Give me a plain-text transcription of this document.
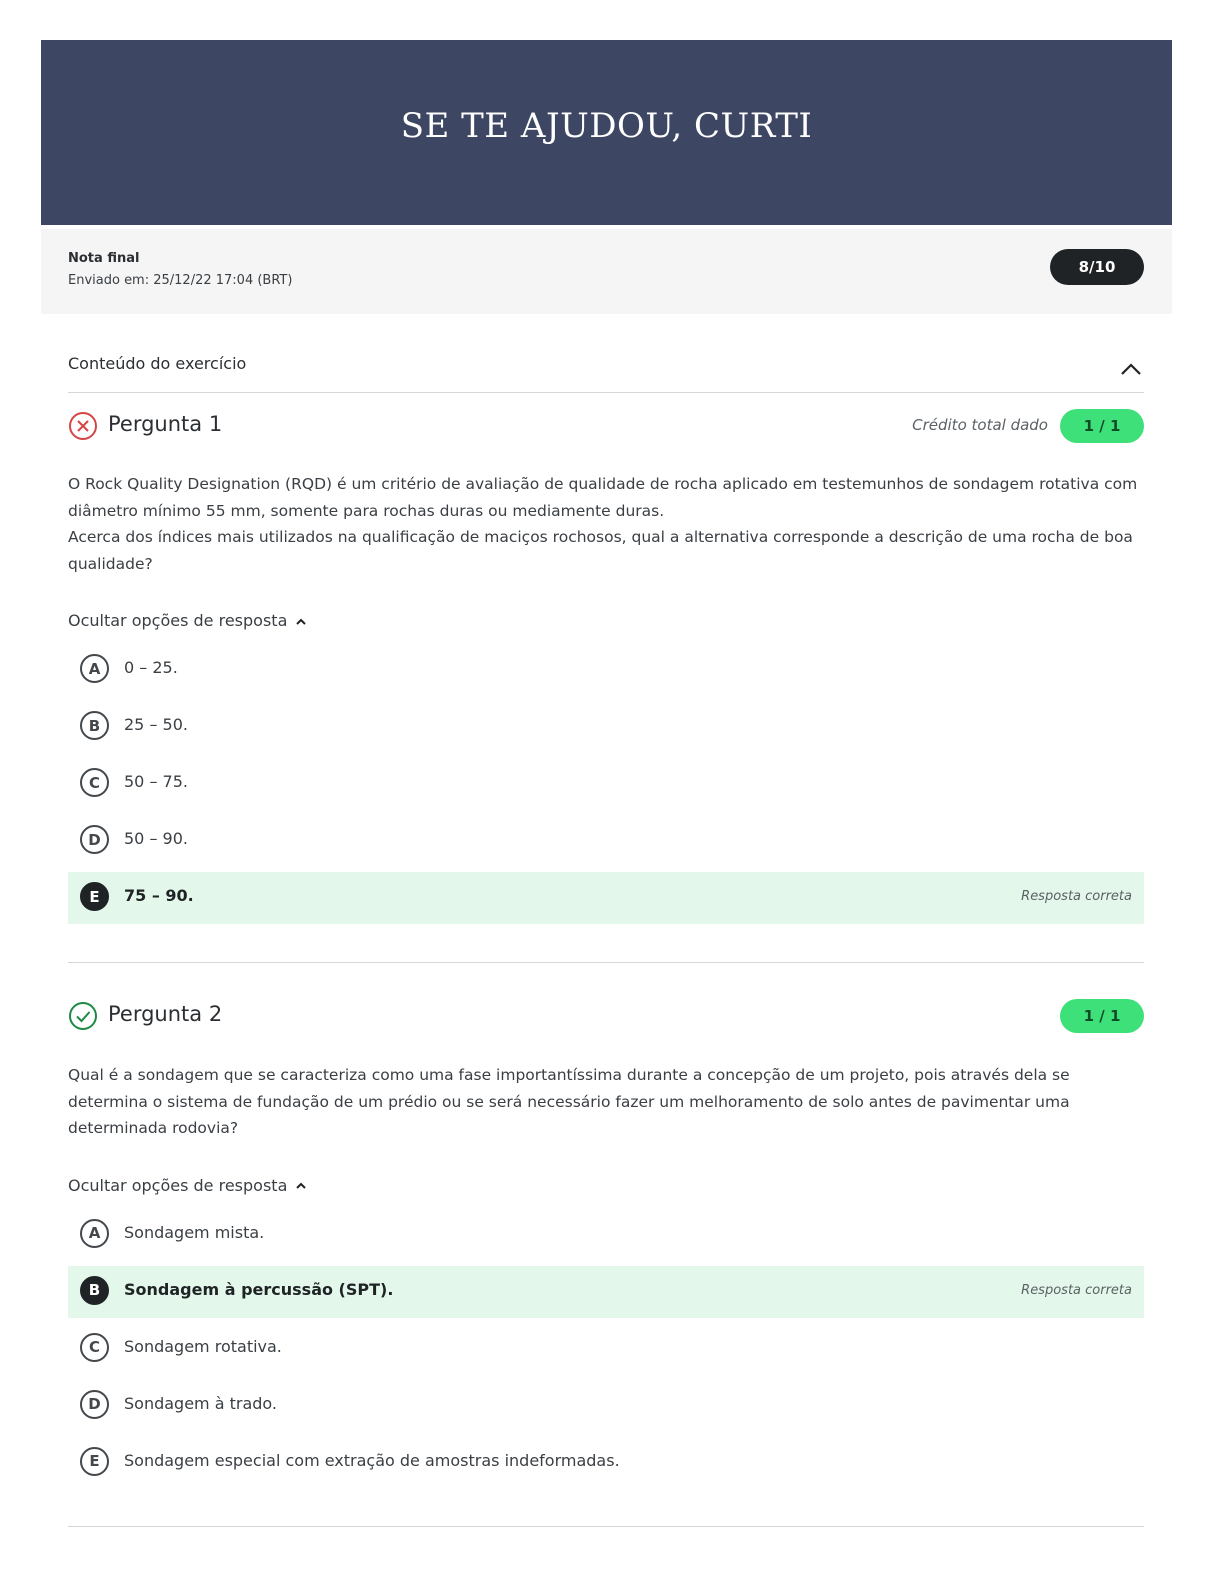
SE TE AJUDOU, CURTI
Nota final
Enviado em: 25/12/22 17:04 (BRT)
8/10
Conteúdo do exercício
Pergunta 1	Crédito total dado	1 / 1

O Rock Quality Designation (RQD) é um critério de avaliação de qualidade de rocha aplicado em testemunhos de sondagem rotativa com diâmetro mínimo 55 mm, somente para rochas duras ou mediamente duras.

Acerca dos índices mais utilizados na qualificação de maciços rochosos, qual a alternativa corresponde a descrição de uma rocha de boa qualidade?

Ocultar opções de resposta
A	0 – 25.
B	25 – 50.
C	50 – 75.
D	50 – 90.
E	75 – 90.	Resposta correta
Pergunta 2	1 / 1

Qual é a sondagem que se caracteriza como uma fase importantíssima durante a concepção de um projeto, pois através dela se determina o sistema de fundação de um prédio ou se será necessário fazer um melhoramento de solo antes de pavimentar uma determinada rodovia?

Ocultar opções de resposta
A	Sondagem mista.
B	Sondagem à percussão (SPT).	Resposta correta
C	Sondagem rotativa.
D	Sondagem à trado.
E	Sondagem especial com extração de amostras indeformadas.
